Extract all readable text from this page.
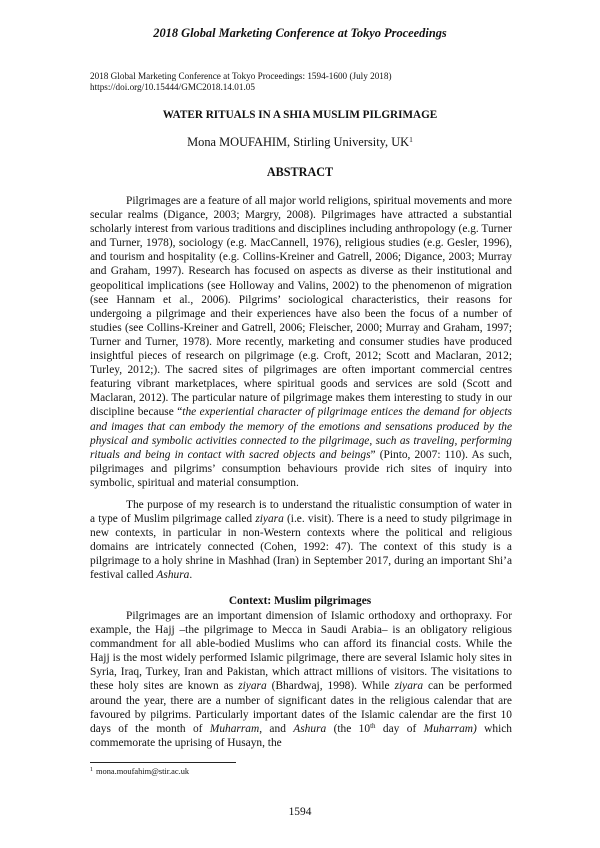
2018 Global Marketing Conference at Tokyo Proceedings
2018 Global Marketing Conference at Tokyo Proceedings: 1594-1600 (July 2018)
https://doi.org/10.15444/GMC2018.14.01.05
WATER RITUALS IN A SHIA MUSLIM PILGRIMAGE
Mona MOUFAHIM, Stirling University, $UK^1$
ABSTRACT

Pilgrimages are a feature of all major world religions, spiritual movements and more secular realms (Digance, 2003; Margry, 2008). Pilgrimages have attracted a substantial scholarly interest from various traditions and disciplines including anthropology (e.g. Turner and Turner, 1978), sociology (e.g. MacCannell, 1976), religious studies (e.g. Gesler, 1996), and tourism and hospitality (e.g. Collins-Kreiner and Gatrell, 2006; Digance, 2003; Murray and Graham, 1997). Research has focused on aspects as diverse as their institutional and geopolitical implications (see Holloway and Valins, 2002) to the phenomenon of migration (see Hannam et al., 2006). Pilgrims’ sociological characteristics, their reasons for undergoing a pilgrimage and their experiences have also been the focus of a number of studies (see Collins-Kreiner and Gatrell, 2006; Fleischer, 2000; Murray and Graham, 1997; Turner and Turner, 1978). More recently, marketing and consumer studies have produced insightful pieces of research on pilgrimage (e.g. Croft, 2012; Scott and Maclaran, 2012; Turley, 2012;). The sacred sites of pilgrimages are often important commercial centres featuring vibrant marketplaces, where spiritual goods and services are sold (Scott and Maclaran, 2012). The particular nature of pilgrimage makes them interesting to study in our discipline because “the experiential character of pilgrimage entices the demand for objects and images that can embody the memory of the emotions and sensations produced by the physical and symbolic activities connected to the pilgrimage, such as traveling, performing rituals and being in contact with sacred objects and beings” (Pinto, 2007: 110). As such, pilgrimages and pilgrims’ consumption behaviours provide rich sites of inquiry into symbolic, spiritual and material consumption.

The purpose of my research is to understand the ritualistic consumption of water in a type of Muslim pilgrimage called ziyara (i.e. visit). There is a need to study pilgrimage in new contexts, in particular in non-Western contexts where the political and religious domains are intricately connected (Cohen, 1992: 47). The context of this study is a pilgrimage to a holy shrine in Mashhad (Iran) in September 2017, during an important Shi’a festival called Ashura.

Context: Muslim pilgrimages

Pilgrimages are an important dimension of Islamic orthodoxy and orthopraxy. For example, the Hajj –the pilgrimage to Mecca in Saudi Arabia– is an obligatory religious commandment for all able-bodied Muslims who can afford its financial costs. While the Hajj is the most widely performed Islamic pilgrimage, there are several Islamic holy sites in Syria, Iraq, Turkey, Iran and Pakistan, which attract millions of visitors. The visitations to these holy sites are known as ziyara (Bhardwaj, 1998). While ziyara can be performed around the year, there are a number of significant dates in the religious calendar that are favoured by pilgrims. Particularly important dates of the Islamic calendar are the first 10 days of the month of Muharram, and Ashura (the 10th day of Muharram) which commemorate the uprising of Husayn, the

$^1$ mona.moufahim@stir.ac.uk
1594
